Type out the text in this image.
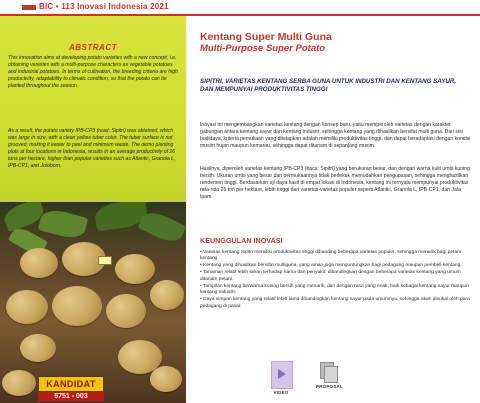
BIC • 113 Inovasi Indonesia 2021
ABSTRACT

This innovation aims at developing potato varieties with a new concept, i.e. obtaining varieties with a multi-purpose characters as vegetable potatoes and industrial potatoes. In terms of cultivation, the breeding criteria are high productivity, adaptability to climatic condition, so that the potato can be planted throughout the season.

As a result, the potato variety IPB-CP3 (read: Sipitri) was obtained, which was large in size, with a clean yellow tuber color. The tuber surface is not grooved, making it easier to peel and minimum waste. The demo planting plots at four locations in Indonesia, results in an average productivity of 26 tons per hectare, higher than popular varieties such as Atlantic, Granola L, IPB-CP1, and Joloborn.

KANDIDAT
5751 - 003
Kentang Super Multi Guna
Multi-Purpose Super Potato
SIPITRI, VARIETAS KENTANG SERBA GUNA UNTUK INDUSTRI DAN KENTANG SAYUR, DAN MEMPUNYAI PRODUKTIVITAS TINGGI

Inovasi ini mengembangkan varietas kentang dengan konsep baru, yaitu memperoleh varietas dengan karakter gabungan antara kentang sayur dan kentang industri, sehingga kentang yang dihasilkan bersifat multi guna. Dari sisi budidaya, kriteria pemuliaan yang ditetapkan adalah memiliki produktivitas tinggi, dan dapat beradaptasi dengan kondisi musim hujan maupun kemarau, sehingga dapat ditanam di sepanjang musim.

Hasilnya, diperoleh varietas kentang IPB-CP3 (baca: Sipitri) yang berukuran besar, dan dengan warna kulit umbi kuning bersih. Ukuran umbi yang besar dan permukaannya tidak berlekuk memudahkan pengupasan, sehingga menghasilkan rendemen tinggi. Berdasarkan uji daya hasil di empat lokasi di Indonesia, kentang ini ternyata mempunyai produktivitas rata-rata 26 ton per hektare, lebih tinggi dari varietas-varietas populer seperti Atlantic, Granola L, IPB-CP1, dan Jala Ipam.

KEUNGGULAN INOVASI
• Varietas kentang Sipitri memiliki produktivitas tinggi dibanding beberapa varietas populer, sehingga menarik bagi petani kentang.
• Kentang yang dihasilkan bersifat multiguna, yang aman juga menguntungkan bagi pedagang maupun pembeli kentang.
• Tanaman relatif lebih tahan terhadap hama dan penyakit, dibandingkan dengan beberapa varietas kentang yang umum ditanam petani.
• Tampilan kentang berwarna kuning bersih yang menarik, dan dengan rasa yang enak, baik sebagai kentang sayur maupun kentang industri.
• Daya simpan kentang yang relatif lebih lama dibandingkan kentang sayur pada umumnya, sehingga akan disukai oleh para pedagang di pasar.
VIDEO
PROPOSAL
